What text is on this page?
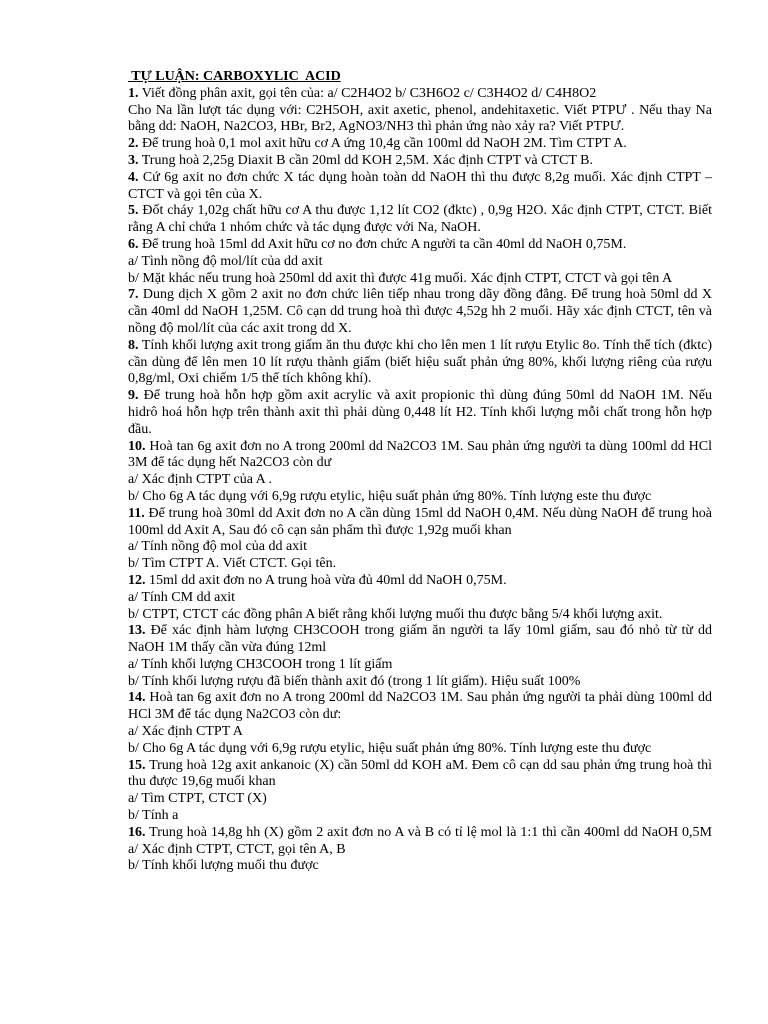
TỰ LUẬN: CARBOXYLIC  ACID

1. Viết đồng phân axit, gọi tên của: a/ C2H4O2 b/ C3H6O2 c/ C3H4O2 d/ C4H8O2

Cho Na lần lượt tác dụng với: C2H5OH, axit axetic, phenol, andehitaxetic. Viết PTPƯ . Nếu thay Na bằng dd: NaOH, Na2CO3, HBr, Br2, AgNO3/NH3 thì phản ứng nào xảy ra? Viết PTPƯ.

2. Để trung hoà 0,1 mol axit hữu cơ A ứng 10,4g cần 100ml dd NaOH 2M. Tìm CTPT A.

3. Trung hoà 2,25g Diaxit B cần 20ml dd KOH 2,5M. Xác định CTPT và CTCT B.

4. Cứ 6g axit no đơn chức X tác dụng hoàn toàn dd NaOH thì thu được 8,2g muối. Xác định CTPT – CTCT và gọi tên của X.

5. Đốt cháy 1,02g chất hữu cơ A thu được 1,12 lít CO2 (đktc) , 0,9g H2O. Xác định CTPT, CTCT. Biết rằng A chỉ chứa 1 nhóm chức và tác dụng được với Na, NaOH.

6. Để trung hoà 15ml dd Axit hữu cơ no đơn chức A người ta cần 40ml dd NaOH 0,75M.

a/ Tình nồng độ mol/lít của dd axit

b/ Mặt khác nếu trung hoà 250ml dd axit thì được 41g muối. Xác định CTPT, CTCT và gọi tên A

7. Dung dịch X gồm 2 axit no đơn chức liên tiếp nhau trong dãy đồng đẳng. Để trung hoà 50ml dd X cần 40ml dd NaOH 1,25M. Cô cạn dd trung hoà thì được 4,52g hh 2 muối. Hãy xác định CTCT, tên và nồng độ mol/lít của các axit trong dd X.

8. Tính khối lượng axit trong giấm ăn thu được khi cho lên men 1 lít rượu Etylic 8o. Tính thể tích (đktc) cần dùng để lên men 10 lít rượu thành giấm (biết hiệu suất phản ứng 80%, khối lượng riêng của rượu 0,8g/ml, Oxi chiếm 1/5 thể tích không khí).

9. Để trung hoà hỗn hợp gồm axit acrylic và axit propionic thì dùng đúng 50ml dd NaOH 1M. Nếu hidrô hoá hỗn hợp trên thành axit thì phải dùng 0,448 lít H2. Tính khối lượng mỗi chất trong hỗn hợp đầu.

10. Hoà tan 6g axit đơn no A trong 200ml dd Na2CO3 1M. Sau phản ứng người ta dùng 100ml dd HCl 3M để tác dụng hết Na2CO3 còn dư

a/ Xác định CTPT của A .

b/ Cho 6g A tác dụng với 6,9g rượu etylic, hiệu suất phản ứng 80%. Tính lượng este thu được

11. Để trung hoà 30ml dd Axit đơn no A cần dùng 15ml dd NaOH 0,4M. Nếu dùng NaOH để trung hoà 100ml dd Axit A, Sau đó cô cạn sản phẩm thì được 1,92g muối khan

a/ Tính nồng độ mol của dd axit

b/ Tìm CTPT A. Viết CTCT. Gọi tên.

12. 15ml dd axit đơn no A trung hoà vừa đủ 40ml dd NaOH 0,75M.

a/ Tính CM dd axit

b/ CTPT, CTCT các đồng phân A biết rằng khối lượng muối thu được bằng 5/4 khối lượng axit.

13. Để xác định hàm lượng CH3COOH trong giấm ăn người ta lấy 10ml giấm, sau đó nhỏ từ từ dd NaOH 1M thấy cần vừa đúng 12ml

a/ Tính khối lượng CH3COOH trong 1 lít giấm

b/ Tính khối lượng rượu đã biến thành axit đó (trong 1 lít giấm). Hiệu suất 100%

14. Hoà tan 6g axit đơn no A trong 200ml dd Na2CO3 1M. Sau phản ứng người ta phải dùng 100ml dd HCl 3M để tác dụng Na2CO3 còn dư:

a/ Xác định CTPT A

b/ Cho 6g A tác dụng với 6,9g rượu etylic, hiệu suất phản ứng 80%. Tính lượng este thu được

15. Trung hoà 12g axit ankanoic (X) cần 50ml dd KOH aM. Đem cô cạn dd sau phản ứng trung hoà thì thu được 19,6g muối khan

a/ Tìm CTPT, CTCT (X)

b/ Tính a

16. Trung hoà 14,8g hh (X) gồm 2 axit đơn no A và B có tỉ lệ mol là 1:1 thì cần 400ml dd NaOH 0,5M

a/ Xác định CTPT, CTCT, gọi tên A, B

b/ Tính khối lượng muối thu được
